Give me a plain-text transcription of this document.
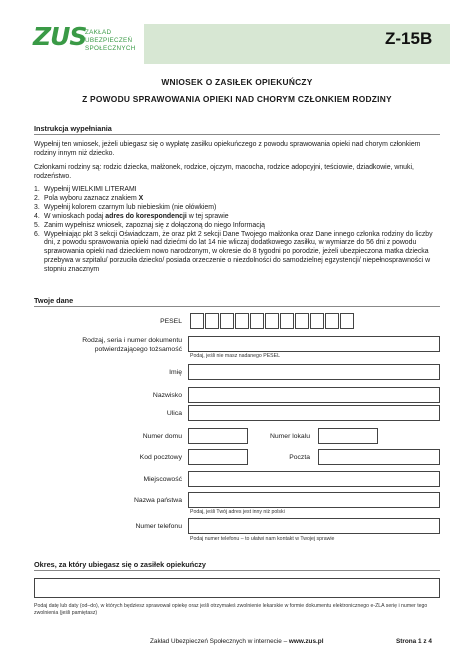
ZUS
ZAKŁAD
UBEZPIECZEŃ
SPOŁECZNYCH
Z-15B
WNIOSEK O ZASIŁEK OPIEKUŃCZY
Z POWODU SPRAWOWANIA OPIEKI NAD CHORYM CZŁONKIEM RODZINY
Instrukcja wypełniania
Wypełnij ten wniosek, jeżeli ubiegasz się o wypłatę zasiłku opiekuńczego z powodu sprawowania opieki nad chorym członkiem rodziny innym niż dziecko.
Członkami rodziny są: rodzic dziecka, małżonek, rodzice, ojczym, macocha, rodzice adopcyjni, teściowie, dziadkowie, wnuki, rodzeństwo.
1. Wypełnij WIELKIMI LITERAMI
2. Pola wyboru zaznacz znakiem X
3. Wypełnij kolorem czarnym lub niebieskim (nie ołówkiem)
4. W wnioskach podaj adres do korespondencji w tej sprawie
5. Zanim wypełnisz wniosek, zapoznaj się z dołączoną do niego Informacją
6. Wypełniając pkt 3 sekcji Oświadczam, że oraz pkt 2 sekcji Dane Twojego małżonka oraz Dane innego członka rodziny do liczby dni, z powodu sprawowania opieki nad dziećmi do lat 14 nie wliczaj dodatkowego zasiłku, w wymiarze do 56 dni z powodu sprawowania opieki nad dzieckiem nowo narodzonym, w okresie do 8 tygodni po porodzie, jeżeli ubezpieczona matka dziecka przebywa w szpitalu/ porzuciła dziecko/ posiada orzeczenie o niezdolności do samodzielnej egzystencji/ niepełnosprawności w stopniu znacznym
Twoje dane
PESEL
Rodzaj, seria i numer dokumentu
potwierdzającego tożsamość
Podaj, jeśli nie masz nadanego PESEL
Imię
Nazwisko
Ulica
Numer domu	Numer lokalu
Kod pocztowy	Poczta
Miejscowość
Nazwa państwa
Podaj, jeśli Twój adres jest inny niż polski
Numer telefonu
Podaj numer telefonu – to ułatwi nam kontakt w Twojej sprawie
Okres, za który ubiegasz się o zasiłek opiekuńczy
Podaj datę lub daty (od–do), w których będziesz sprawował opiekę oraz jeśli otrzymałeś zwolnienie lekarskie w formie dokumentu elektronicznego e-ZLA serię i numer tego zwolnienia (jeśli pamiętasz)
Zakład Ubezpieczeń Społecznych w internecie – www.zus.pl	Strona 1 z 4
